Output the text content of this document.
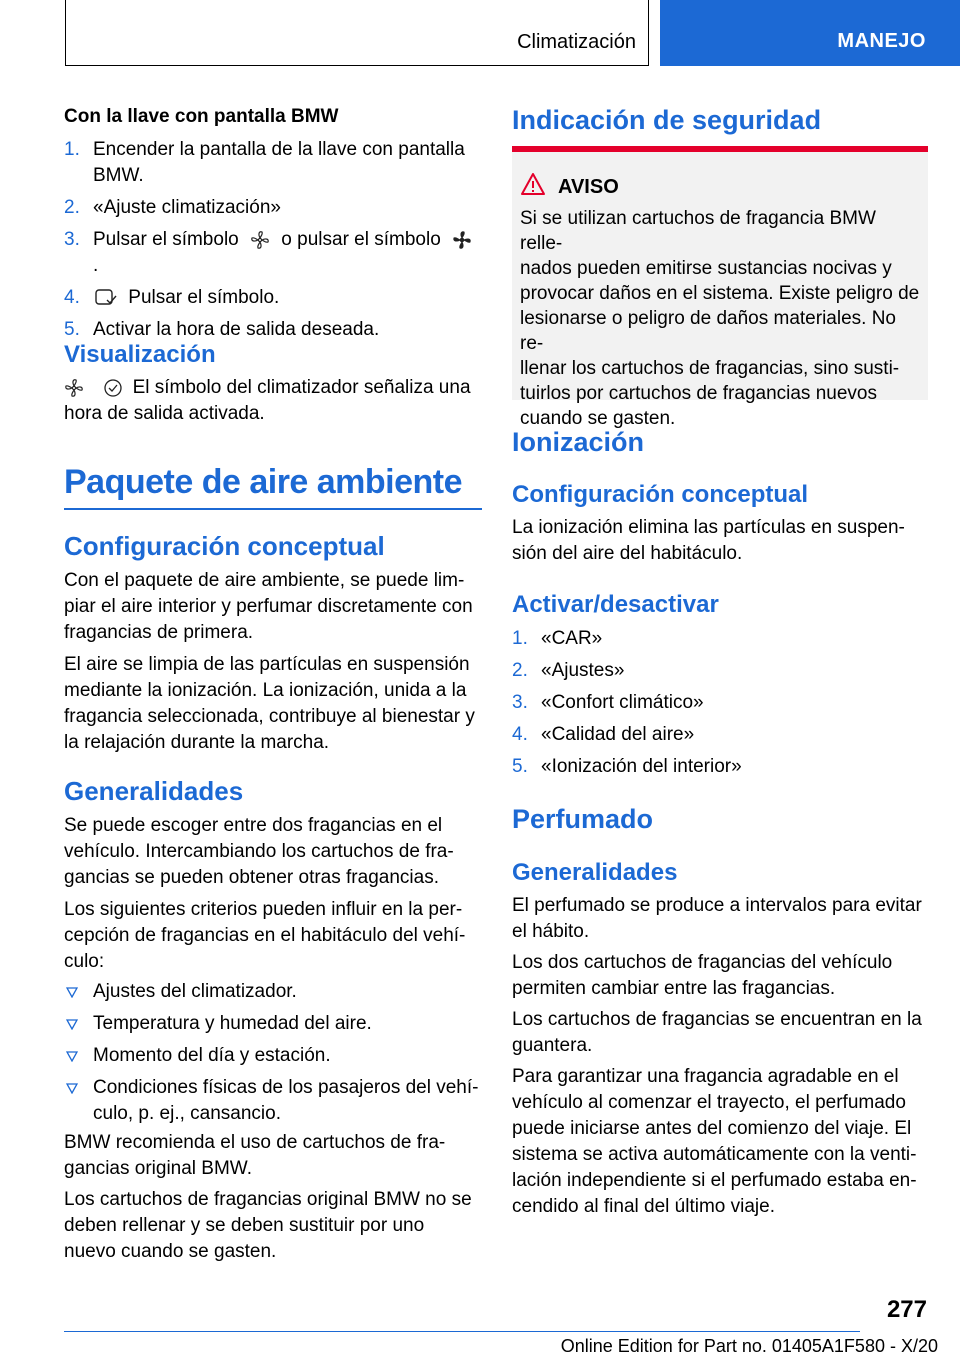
Climatización	MANEJO

Con la llave con pantalla BMW

1. Encender la pantalla de la llave con pantalla
BMW.
2. «Ajuste climatización»
3. Pulsar el símbolo o pulsar el símbolo  .
4.	Pulsar el símbolo.
5. Activar la hora de salida deseada.
Visualización

El símbolo del climatizador señaliza una

hora de salida activada.

Paquete de aire ambiente
Configuración conceptual

Con el paquete de aire ambiente, se puede lim-

piar el aire interior y perfumar discretamente con

fragancias de primera.

El aire se limpia de las partículas en suspensión

mediante la ionización. La ionización, unida a la

fragancia seleccionada, contribuye al bienestar y

la relajación durante la marcha.

Generalidades

Se puede escoger entre dos fragancias en el

vehículo. Intercambiando los cartuchos de fra-

gancias se pueden obtener otras fragancias.

Los siguientes criterios pueden influir en la per-

cepción de fragancias en el habitáculo del vehí-

culo:

Ajustes del climatizador.
Temperatura y humedad del aire.
Momento del día y estación.
Condiciones físicas de los pasajeros del vehí-
culo, p. ej., cansancio.

BMW recomienda el uso de cartuchos de fra-

gancias original BMW.

Los cartuchos de fragancias original BMW no se

deben rellenar y se deben sustituir por uno

nuevo cuando se gasten.

Indicación de seguridad
AVISO

Si se utilizan cartuchos de fragancia BMW relle-
nados pueden emitirse sustancias nocivas y
provocar daños en el sistema. Existe peligro de
lesionarse o peligro de daños materiales. No re-
llenar los cartuchos de fragancias, sino susti-
tuirlos por cartuchos de fragancias nuevos
cuando se gasten.

Ionización
Configuración conceptual

La ionización elimina las partículas en suspen-

sión del aire del habitáculo.

Activar/desactivar
1. «CAR»
2. «Ajustes»
3. «Confort climático»
4. «Calidad del aire»
5. «Ionización del interior»
Perfumado
Generalidades

El perfumado se produce a intervalos para evitar

el hábito.

Los dos cartuchos de fragancias del vehículo

permiten cambiar entre las fragancias.

Los cartuchos de fragancias se encuentran en la

guantera.

Para garantizar una fragancia agradable en el

vehículo al comenzar el trayecto, el perfumado

puede iniciarse antes del comienzo del viaje. El

sistema se activa automáticamente con la venti-

lación independiente si el perfumado estaba en-

cendido al final del último viaje.

277
Online Edition for Part no. 01405A1F580 - X/20
